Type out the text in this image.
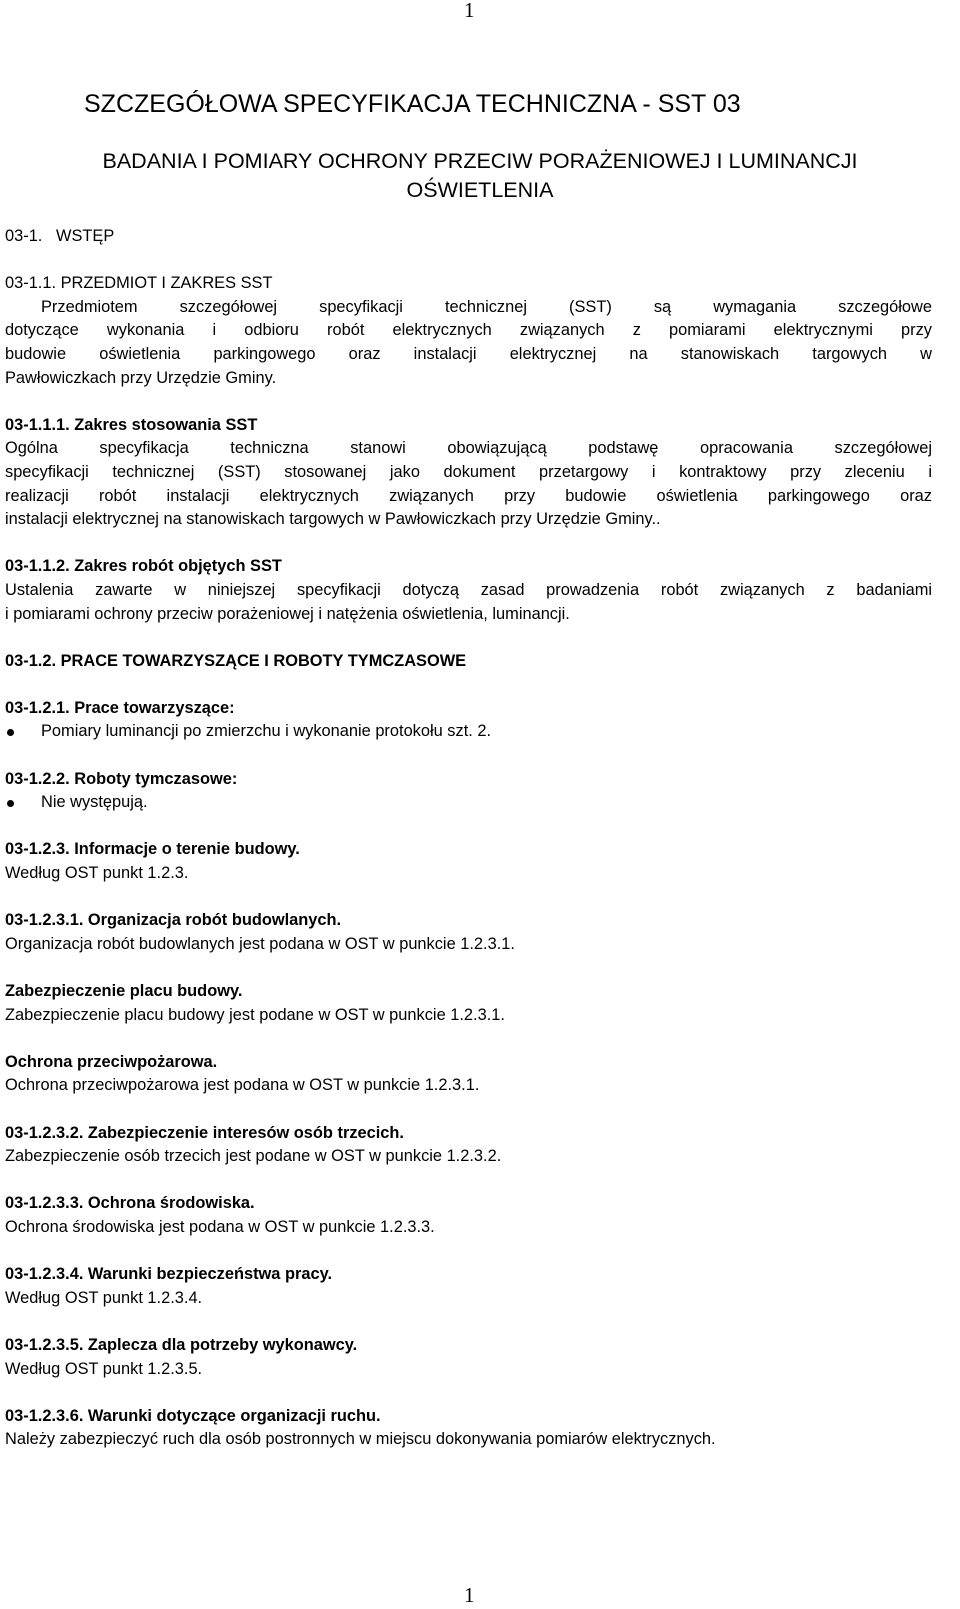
1
SZCZEGÓŁOWA SPECYFIKACJA TECHNICZNA - SST 03
BADANIA I POMIARY OCHRONY PRZECIW PORAŻENIOWEJ I LUMINANCJI
OŚWIETLENIA
03-1.   WSTĘP
03-1.1. PRZEDMIOT I ZAKRES SST
Przedmiotem szczegółowej specyfikacji technicznej (SST) są wymagania szczegółowe
dotyczące wykonania i odbioru robót elektrycznych związanych z pomiarami elektrycznymi przy
budowie oświetlenia parkingowego oraz instalacji elektrycznej na stanowiskach targowych w
Pawłowiczkach przy Urzędzie Gminy.
03-1.1.1. Zakres stosowania SST
Ogólna specyfikacja techniczna stanowi obowiązującą podstawę opracowania szczegółowej
specyfikacji technicznej (SST) stosowanej jako dokument przetargowy i kontraktowy przy zleceniu i
realizacji robót instalacji elektrycznych związanych przy budowie oświetlenia parkingowego oraz
instalacji elektrycznej na stanowiskach targowych w Pawłowiczkach przy Urzędzie Gminy..
03-1.1.2. Zakres robót objętych SST
Ustalenia zawarte w niniejszej specyfikacji dotyczą zasad prowadzenia robót związanych z badaniami
i pomiarami ochrony przeciw porażeniowej i natężenia oświetlenia, luminancji.
03-1.2. PRACE TOWARZYSZĄCE I ROBOTY TYMCZASOWE
03-1.2.1. Prace towarzyszące:
Pomiary luminancji po zmierzchu i wykonanie protokołu szt. 2.
03-1.2.2. Roboty tymczasowe:
Nie występują.
03-1.2.3. Informacje o terenie budowy.
Według OST punkt 1.2.3.
03-1.2.3.1. Organizacja robót budowlanych.
Organizacja robót budowlanych jest podana w OST w punkcie 1.2.3.1.
Zabezpieczenie placu budowy.
Zabezpieczenie placu budowy jest podane w OST w punkcie 1.2.3.1.
Ochrona przeciwpożarowa.
Ochrona przeciwpożarowa jest podana w OST w punkcie 1.2.3.1.
03-1.2.3.2. Zabezpieczenie interesów osób trzecich.
Zabezpieczenie osób trzecich jest podane w OST w punkcie 1.2.3.2.
03-1.2.3.3. Ochrona środowiska.
Ochrona środowiska jest podana w OST w punkcie 1.2.3.3.
03-1.2.3.4. Warunki bezpieczeństwa pracy.
Według OST punkt 1.2.3.4.
03-1.2.3.5. Zaplecza dla potrzeby wykonawcy.
Według OST punkt 1.2.3.5.
03-1.2.3.6. Warunki dotyczące organizacji ruchu.
Należy zabezpieczyć ruch dla osób postronnych w miejscu dokonywania pomiarów elektrycznych.
1
